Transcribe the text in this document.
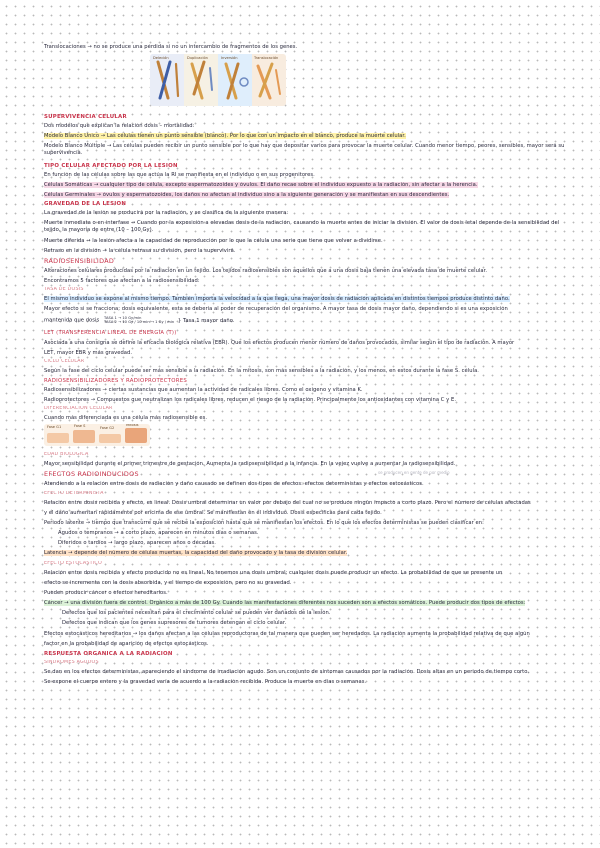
Translocaciones → no se produce una pérdida si no un intercambio de fragmentos de los genes.
Deleción	Duplicación	Inversión	Translocación
SUPERVIVENCIA CELULAR
Dos modelos que explican la relación dosis – mortalidad:
Modelo Blanco Único → Las células tienen un punto sensible (blanco). Por lo que con un impacto en el blanco, produce la muerte celular.
Modelo Blanco Múltiple → Las células pueden recibir un punto sensible por lo que hay que depositar varios para provocar la muerte celular. Cuando menor tiempo, peores, sensibles, mayor será su supervivencia.
TIPO CELULAR AFECTADO POR LA LESIÓN
En función de las células sobre las que actúa la RI se manifiesta en el individuo o en sus progenitores.
Células Somáticas → cualquier tipo de célula, excepto espermatozoides y óvulos. El daño recae sobre el individuo expuesto a la radiación, sin afectar a la herencia.
Células Germinales → óvulos y espermatozoides, los daños no afectan al individuo sino a la siguiente generación y se manifiestan en sus descendientes.
GRAVEDAD DE LA LESIÓN
La gravedad de la lesión se producirá por la radiación, y se clasifica de la siguiente manera:
Muerte inmediata o en interfase → Cuando por la exposición a elevadas dosis de la radiación, causando la muerte antes de iniciar la división. El valor de dosis letal depende de la sensibilidad del tejido, la mayoría de entre (10 – 100 Gy).
Muerte diferida → la lesión afecta a la capacidad de reproducción por lo que la célula una serie que tiene que volver a dividirse.
Retraso en la división → la célula retrasa su división, pero la supervivirá.
RADIOSENSIBILIDAD
Alteraciones celulares producidas por la radiación en un tejido. Los tejidos radiosensibles son aquellos que a una dosis baja tienen una elevada tasa de muerte celular.
Encontramos 5 factores que afectan a la radiosensibilidad:
TASA DE DOSIS
El mismo individuo se expone al mismo tiempo. También importa la velocidad a la que llega, una mayor dosis de radiación aplicada en distintos tiempos produce distinto daño.
Mayor efecto si se fracciona; dosis equivalente, esta se debería al poder de recuperación del organismo. A mayor tasa de dosis mayor daño, dependiendo si es una exposición
mantenida que dosis TASA 1 → 10 Gy/min
TASA 2 → 10 Gy / 10 min → 1 Gy / min } Tasa 1 mayor daño.
LET (TRANSFERENCIA LINEAL DE ENERGÍA (T))
Asociada a una consigna se define la eficacia biológica relativa (EBR). Que los efectos producen menor número de daños provocados, similar según el tipo de radiación. A mayor
LET, mayor EBR y más gravedad.
CICLO CELULAR
Según la fase del ciclo celular puede ser más sensible a la radiación. En la mitosis, son más sensibles a la radiación, y los menos, en estos durante la fase S. célula.
RADIOSENSIBILIZADORES Y RADIOPROTECTORES
Radiosensibilizadores → ciertas sustancias que aumentan la actividad de radicales libres. Como el oxígeno y vitamina K.
Radioprotectores → Compuestos que neutralizan los radicales libres, reducen el riesgo de la radiación. Principalmente los antioxidantes con vitamina C y E.
DIFERENCIACIÓN CELULAR
Cuando más diferenciada es una célula más radiosensible es.
Fase G1	Fase S	Fase G2
Mitosis
EDAD BIOLÓGICA
Mayor sensibilidad durante el primer trimestre de gestación. Aumenta la radiosensibilidad a la infancia. En la vejez vuelve a aumentar la radiosensibilidad.
EFECTOS RADIOINDUCIDOS	se producen en gente de por medio
Atendiendo a la relación entre dosis de radiación y daño causado se definen dos tipos de efectos: efectos deterministas y efectos estocásticos.
EFECTO DETERMINISTA
Relación entre dosis recibida y efecto, es lineal. Dosis umbral determinar un valor por debajo del cual no se produce ningún impacto a corto plazo. Pero el número de células afectadas
y el daño aumentan rápidamente por encima de ese umbral. Se manifiestan en el individuo. Dosis específicas para cada tejido.
Periodo latente → tiempo que transcurre que se recibe la exposición hasta que se manifiestan los efectos. En lo que los efectos deterministas se pueden clasificar en:
Agudos o tempranos → a corto plazo, aparecen en minutos días o semanas.
Diferidos o tardíos → largo plazo, aparecen años o décadas.
Latencia → depende del número de células muertas, la capacidad del daño provocado y la tasa de división celular.
EFECTO ESTOCÁSTICO
Relación entre dosis recibida y efecto producido no es lineal. No tenemos una dosis umbral; cualquier dosis puede producir un efecto. La probabilidad de que se presente un
efecto se incrementa con la dosis absorbida, y el tiempo de exposición, pero no su gravedad.
Pueden producir cáncer o efectos hereditarios.
Cáncer → una división fuera de control. Orgánico a más de 100 Gy. Cuando las manifestaciones diferentes nos suceden son a efectos somáticos. Puede producir dos tipos de efectos:
Defectos que los pacientes necesitan para el crecimiento celular se pueden ver dañados de la lesión.
Defectos que indican que los genes supresores de tumores detengan el ciclo celular.
Efectos estocásticos hereditarios → los daños afectan a las células reproductoras de tal manera que pueden ser heredados. La radiación aumenta la probabilidad relativa de que algún
factor en la probabilidad de aparición de efectos estocásticos.
RESPUESTA ORGÁNICA A LA RADIACIÓN
SÍNDROMES AGUDOS
Se dan en los efectos deterministas, apareciendo el síndrome de irradiación agudo. Son un conjunto de síntomas causados por la radiación. Dosis altas en un periodo de tiempo corto.
Se expone el cuerpo entero y la gravedad varía de acuerdo a la radiación recibida. Produce la muerte en días o semanas.
